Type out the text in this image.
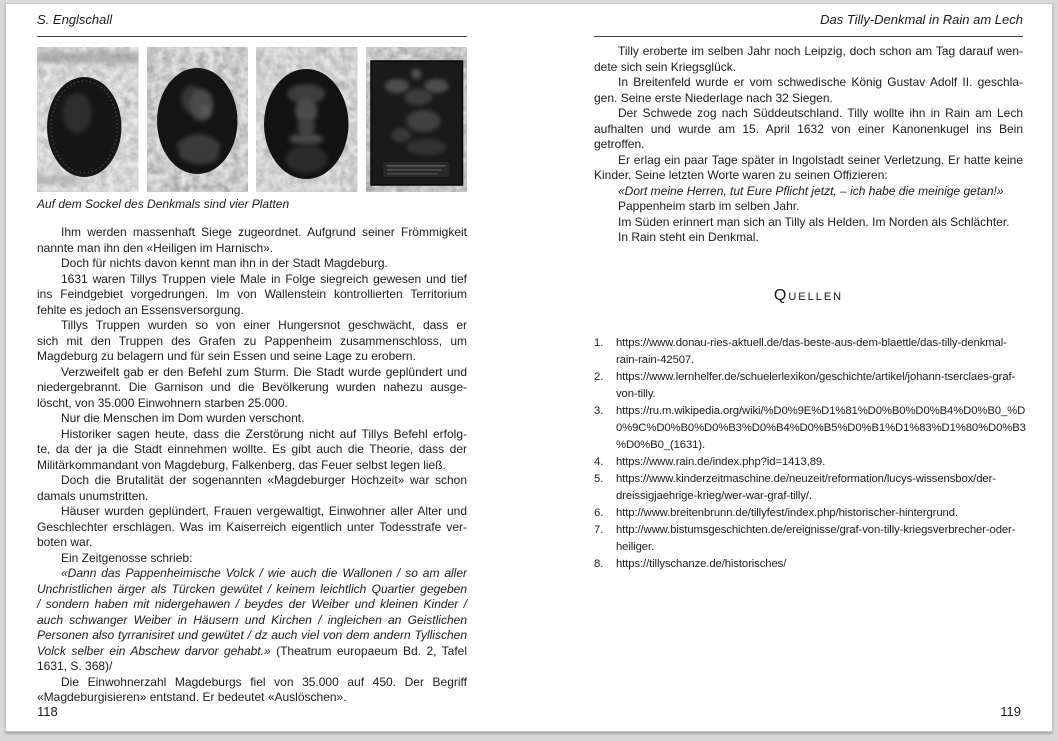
S. Englschall
Auf dem Sockel des Denkmals sind vier Platten
Ihm werden massenhaft Siege zugeordnet. Aufgrund seiner Frömmigkeit
nannte man ihn den «Heiligen im Harnisch».
Doch für nichts davon kennt man ihn in der Stadt Magdeburg.
1631 waren Tillys Truppen viele Male in Folge siegreich gewesen und tief
ins Feindgebiet vorgedrungen. Im von Wallenstein kontrollierten Territorium
fehlte es jedoch an Essensversorgung.
Tillys Truppen wurden so von einer Hungersnot geschwächt, dass er
sich mit den Truppen des Grafen zu Pappenheim zusammenschloss, um
Magdeburg zu belagern und für sein Essen und seine Lage zu erobern.
Verzweifelt gab er den Befehl zum Sturm. Die Stadt wurde geplündert und
niedergebrannt. Die Garnison und die Bevölkerung wurden nahezu ausge-
löscht, von 35.000 Einwohnern starben 25.000.
Nur die Menschen im Dom wurden verschont.
Historiker sagen heute, dass die Zerstörung nicht auf Tillys Befehl erfolg-
te, da der ja die Stadt einnehmen wollte. Es gibt auch die Theorie, dass der
Militärkommandant von Magdeburg, Falkenberg, das Feuer selbst legen ließ.
Doch die Brutalität der sogenannten «Magdeburger Hochzeit» war schon
damals unumstritten.
Häuser wurden geplündert, Frauen vergewaltigt, Einwohner aller Alter und
Geschlechter erschlagen. Was im Kaiserreich eigentlich unter Todesstrafe ver-
boten war.
Ein Zeitgenosse schrieb:
«Dann das Pappenheimische Volck / wie auch die Wallonen / so am aller
Unchristlichen ärger als Türcken gewütet / keinem leichtlich Quartier gegeben
/ sondern haben mit nidergehawen / beydes der Weiber und kleinen Kinder /
auch schwanger Weiber in Häusern und Kirchen / ingleichen an Geistlichen
Personen also tyrranisiret und gewütet / dz auch viel von dem andern Tyllischen
Volck selber ein Abschew darvor gehabt.» (Theatrum europaeum Bd. 2, Tafel
1631, S. 368)/
Die Einwohnerzahl Magdeburgs fiel von 35.000 auf 450. Der Begriff
«Magdeburgisieren» entstand. Er bedeutet «Auslöschen».
Das Tilly-Denkmal in Rain am Lech
Tilly eroberte im selben Jahr noch Leipzig, doch schon am Tag darauf wen-
dete sich sein Kriegsglück.
In Breitenfeld wurde er vom schwedische König Gustav Adolf II. geschla-
gen. Seine erste Niederlage nach 32 Siegen.
Der Schwede zog nach Süddeutschland. Tilly wollte ihn in Rain am Lech
aufhalten und wurde am 15. April 1632 von einer Kanonenkugel ins Bein
getroffen.
Er erlag ein paar Tage später in Ingolstadt seiner Verletzung. Er hatte keine
Kinder. Seine letzten Worte waren zu seinen Offizieren:
«Dort meine Herren, tut Eure Pflicht jetzt, – ich habe die meinige getan!»
Pappenheim starb im selben Jahr.
Im Süden erinnert man sich an Tilly als Helden. Im Norden als Schlächter.
In Rain steht ein Denkmal.
Quellen
1.	https://www.donau-ries-aktuell.de/das-beste-aus-dem-blaettle/das-tilly-denkmal-
rain-rain-42507.
2.	https://www.lernhelfer.de/schuelerlexikon/geschichte/artikel/johann-tserclaes-graf-
von-tilly.
3.	https://ru.m.wikipedia.org/wiki/%D0%9E%D1%81%D0%B0%D0%B4%D0%B0_%D
0%9C%D0%B0%D0%B3%D0%B4%D0%B5%D0%B1%D1%83%D1%80%D0%B3
%D0%B0_(1631).
4.	https://www.rain.de/index.php?id=1413,89.
5.	https://www.kinderzeitmaschine.de/neuzeit/reformation/lucys-wissensbox/der-
dreissigjaehrige-krieg/wer-war-graf-tilly/.
6.	http://www.breitenbrunn.de/tillyfest/index.php/historischer-hintergrund.
7.	http://www.bistumsgeschichten.de/ereignisse/graf-von-tilly-kriegsverbrecher-oder-
heiliger.
8.	https://tillyschanze.de/historisches/
118	119
